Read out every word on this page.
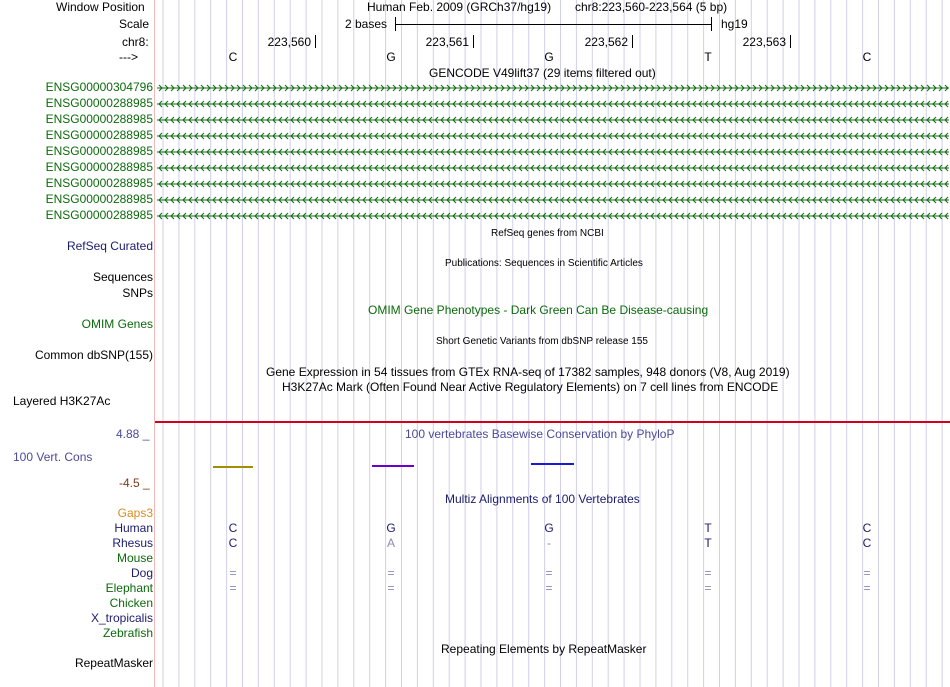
Window Position	Human Feb. 2009 (GRCh37/hg19) chr8:223,560-223,564 (5 bp)
Scale	2 bases	hg19
chr8:
--->
GENCODE V49lift37 (29 items filtered out)
RefSeq genes from NCBI
RefSeq Curated
Publications: Sequences in Scientific Articles
Sequences
SNPs
OMIM Gene Phenotypes - Dark Green Can Be Disease-causing
OMIM Genes
Short Genetic Variants from dbSNP release 155
Common dbSNP(155)
Gene Expression in 54 tissues from GTEx RNA-seq of 17382 samples, 948 donors (V8, Aug 2019)
H3K27Ac Mark (Often Found Near Active Regulatory Elements) on 7 cell lines from ENCODE
Layered H3K27Ac
100 vertebrates Basewise Conservation by PhyloP
4.88 _
100 Vert. Cons
-4.5 _
Multiz Alignments of 100 Vertebrates
Gaps3
Repeating Elements by RepeatMasker
RepeatMasker
223,560	223,561	223,562	223,563
C	G	G	T	C
ENSG00000304796
ENSG00000288985
ENSG00000288985
ENSG00000288985
ENSG00000288985
ENSG00000288985
ENSG00000288985
ENSG00000288985
ENSG00000288985
Human	C	G	G	T	C
Rhesus	C	A	-	T	C
Mouse
Dog	=	=	=	=	=
Elephant	=	=	=	=	=
Chicken
X_tropicalis
Zebrafish
